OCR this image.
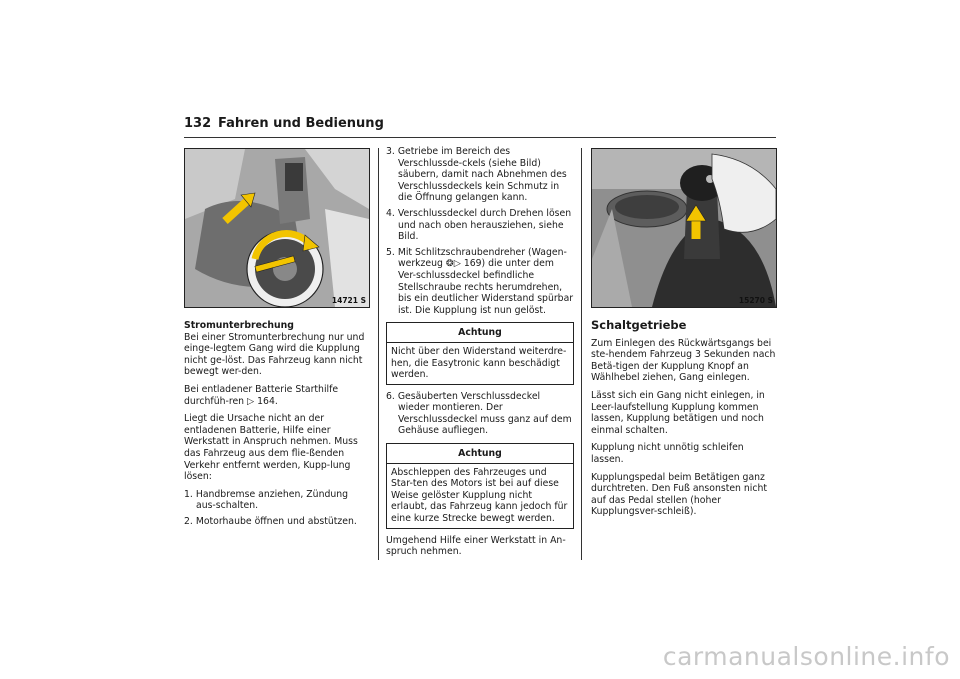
132 Fahren und Bedienung
14721 S

Stromunterbrechung

Bei einer Stromunterbrechung nur und einge-legtem Gang wird die Kupplung nicht ge-löst. Das Fahrzeug kann nicht bewegt wer-den.

Bei entladener Batterie Starthilfe durchfüh-ren ▷ 164.

Liegt die Ursache nicht an der entladenen Batterie, Hilfe einer Werkstatt in Anspruch nehmen. Muss das Fahrzeug aus dem flie-ßenden Verkehr entfernt werden, Kupp-lung lösen:

1. Handbremse anziehen, Zündung aus-schalten.
2. Motorhaube öffnen und abstützen.
3. Getriebe im Bereich des Verschlussde-ckels (siehe Bild) säubern, damit nach Abnehmen des Verschlussdeckels kein Schmutz in die Öffnung gelangen kann.
4. Verschlussdeckel durch Drehen lösen und nach oben herausziehen, siehe Bild.
5. Mit Schlitzschraubendreher (Wagen-werkzeug ❂▷ 169) die unter dem Ver-schlussdeckel befindliche Stellschraube rechts herumdrehen, bis ein deutlicher Widerstand spürbar ist. Die Kupplung ist nun gelöst.
Achtung
Nicht über den Widerstand weiterdre-hen, die Easytronic kann beschädigt werden.
6. Gesäuberten Verschlussdeckel wieder montieren. Der Verschlussdeckel muss ganz auf dem Gehäuse aufliegen.
Achtung
Abschleppen des Fahrzeuges und Star-ten des Motors ist bei auf diese Weise gelöster Kupplung nicht erlaubt, das Fahrzeug kann jedoch für eine kurze Strecke bewegt werden.

Umgehend Hilfe einer Werkstatt in An-spruch nehmen.

15270 S

Schaltgetriebe

Zum Einlegen des Rückwärtsgangs bei ste-hendem Fahrzeug 3 Sekunden nach Betä-tigen der Kupplung Knopf an Wählhebel ziehen, Gang einlegen.

Lässt sich ein Gang nicht einlegen, in Leer-laufstellung Kupplung kommen lassen, Kupplung betätigen und noch einmal schalten.

Kupplung nicht unnötig schleifen lassen.

Kupplungspedal beim Betätigen ganz durchtreten. Den Fuß ansonsten nicht auf das Pedal stellen (hoher Kupplungsver-schleiß).

carmanualsonline.info
